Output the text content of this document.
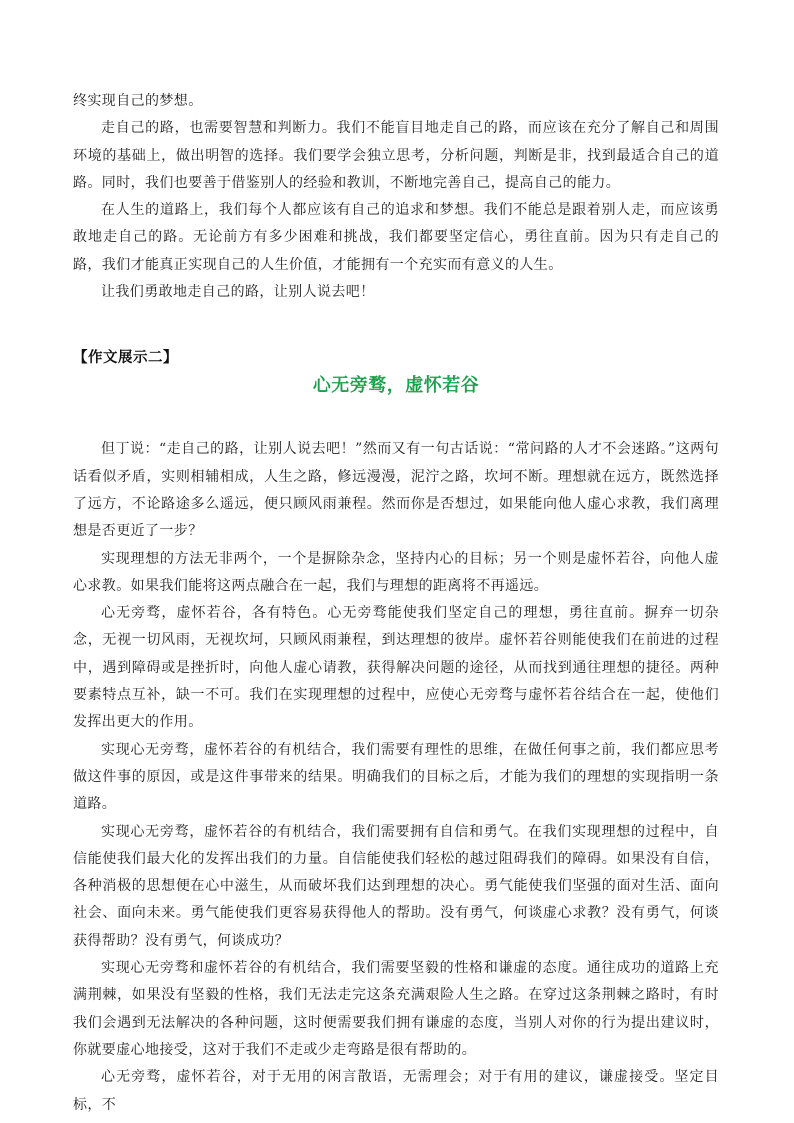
终实现自己的梦想。

走自己的路，也需要智慧和判断力。我们不能盲目地走自己的路，而应该在充分了解自己和周围环境的基础上，做出明智的选择。我们要学会独立思考，分析问题，判断是非，找到最适合自己的道路。同时，我们也要善于借鉴别人的经验和教训，不断地完善自己，提高自己的能力。

在人生的道路上，我们每个人都应该有自己的追求和梦想。我们不能总是跟着别人走，而应该勇敢地走自己的路。无论前方有多少困难和挑战，我们都要坚定信心，勇往直前。因为只有走自己的路，我们才能真正实现自己的人生价值，才能拥有一个充实而有意义的人生。

让我们勇敢地走自己的路，让别人说去吧！

【作文展示二】

心无旁骛，虚怀若谷

但丁说：“走自己的路，让别人说去吧！”然而又有一句古话说：“常问路的人才不会迷路。”这两句话看似矛盾，实则相辅相成，人生之路，修远漫漫，泥泞之路，坎坷不断。理想就在远方，既然选择了远方，不论路途多么遥远，便只顾风雨兼程。然而你是否想过，如果能向他人虚心求教，我们离理想是否更近了一步？

实现理想的方法无非两个，一个是摒除杂念，坚持内心的目标；另一个则是虚怀若谷，向他人虚心求教。如果我们能将这两点融合在一起，我们与理想的距离将不再遥远。

心无旁骛，虚怀若谷，各有特色。心无旁骛能使我们坚定自己的理想，勇往直前。摒弃一切杂念，无视一切风雨，无视坎坷，只顾风雨兼程，到达理想的彼岸。虚怀若谷则能使我们在前进的过程中，遇到障碍或是挫折时，向他人虚心请教，获得解决问题的途径，从而找到通往理想的捷径。两种要素特点互补，缺一不可。我们在实现理想的过程中，应使心无旁骛与虚怀若谷结合在一起，使他们发挥出更大的作用。

实现心无旁骛，虚怀若谷的有机结合，我们需要有理性的思维，在做任何事之前，我们都应思考做这件事的原因，或是这件事带来的结果。明确我们的目标之后，才能为我们的理想的实现指明一条道路。

实现心无旁骛，虚怀若谷的有机结合，我们需要拥有自信和勇气。在我们实现理想的过程中，自信能使我们最大化的发挥出我们的力量。自信能使我们轻松的越过阻碍我们的障碍。如果没有自信，各种消极的思想便在心中滋生，从而破坏我们达到理想的决心。勇气能使我们坚强的面对生活、面向社会、面向未来。勇气能使我们更容易获得他人的帮助。没有勇气，何谈虚心求教？没有勇气，何谈获得帮助？没有勇气，何谈成功？

实现心无旁骛和虚怀若谷的有机结合，我们需要坚毅的性格和谦虚的态度。通往成功的道路上充满荆棘，如果没有坚毅的性格，我们无法走完这条充满艰险人生之路。在穿过这条荆棘之路时，有时我们会遇到无法解决的各种问题，这时便需要我们拥有谦虚的态度，当别人对你的行为提出建议时，你就要虚心地接受，这对于我们不走或少走弯路是很有帮助的。

心无旁骛，虚怀若谷，对于无用的闲言散语，无需理会；对于有用的建议，谦虚接受。坚定目标，不
